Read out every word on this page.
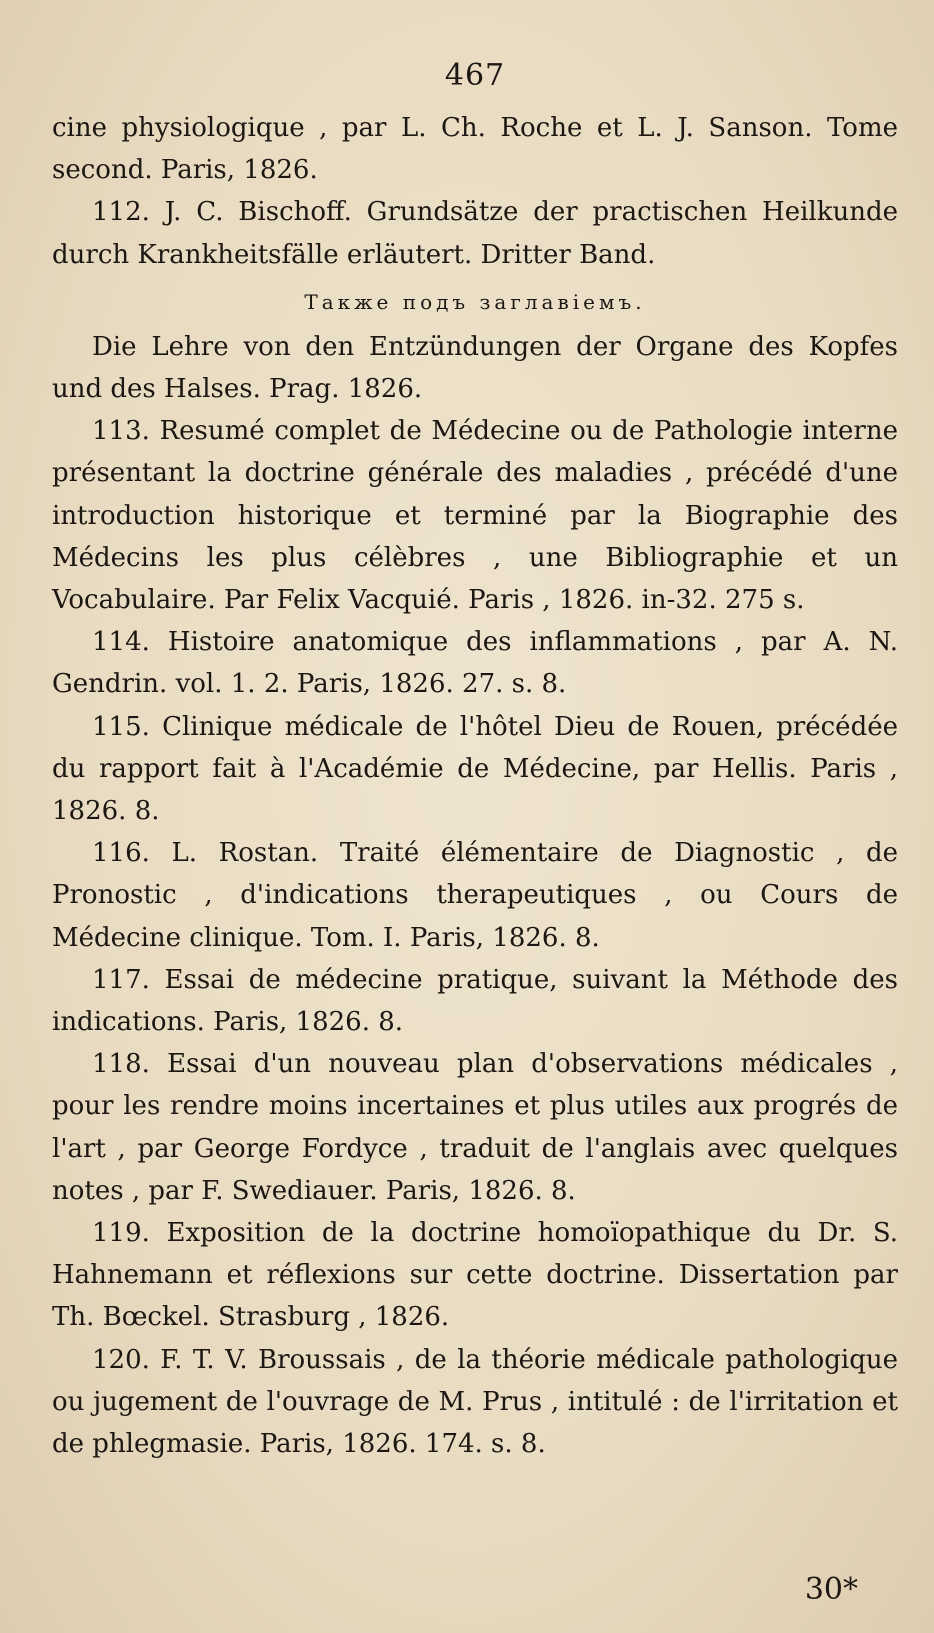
467

cine physiologique , par L. Ch. Roche et L. J. Sanson. Tome second. Paris, 1826.

112. J. C. Bischoff. Grundsätze der practischen Heilkunde durch Krankheitsfälle erläutert. Dritter Band.

Также подъ заглавіемъ.

Die Lehre von den Entzündungen der Organe des Kopfes und des Halses. Prag. 1826.

113. Resumé complet de Médecine ou de Pathologie interne présentant la doctrine générale des maladies , précédé d'une introduction historique et terminé par la Biographie des Médecins les plus célèbres , une Bibliographie et un Vocabulaire. Par Felix Vacquié. Paris , 1826. in-32. 275 s.

114. Histoire anatomique des inflammations , par A. N. Gendrin. vol. 1. 2. Paris, 1826. 27. s. 8.

115. Clinique médicale de l'hôtel Dieu de Rouen, précédée du rapport fait à l'Académie de Médecine, par Hellis. Paris , 1826. 8.

116. L. Rostan. Traité élémentaire de Diagnostic , de Pronostic , d'indications therapeutiques , ou Cours de Médecine clinique. Tom. I. Paris, 1826. 8.

117. Essai de médecine pratique, suivant la Méthode des indications. Paris, 1826. 8.

118. Essai d'un nouveau plan d'observations médicales , pour les rendre moins incertaines et plus utiles aux progrés de l'art , par George Fordyce , traduit de l'anglais avec quelques notes , par F. Swediauer. Paris, 1826. 8.

119. Exposition de la doctrine homoïopathique du Dr. S. Hahnemann et réflexions sur cette doctrine. Dissertation par Th. Bœckel. Strasburg , 1826.

120. F. T. V. Broussais , de la théorie médicale pathologique ou jugement de l'ouvrage de M. Prus , intitulé : de l'irritation et de phlegmasie. Paris, 1826. 174. s. 8.

30*
